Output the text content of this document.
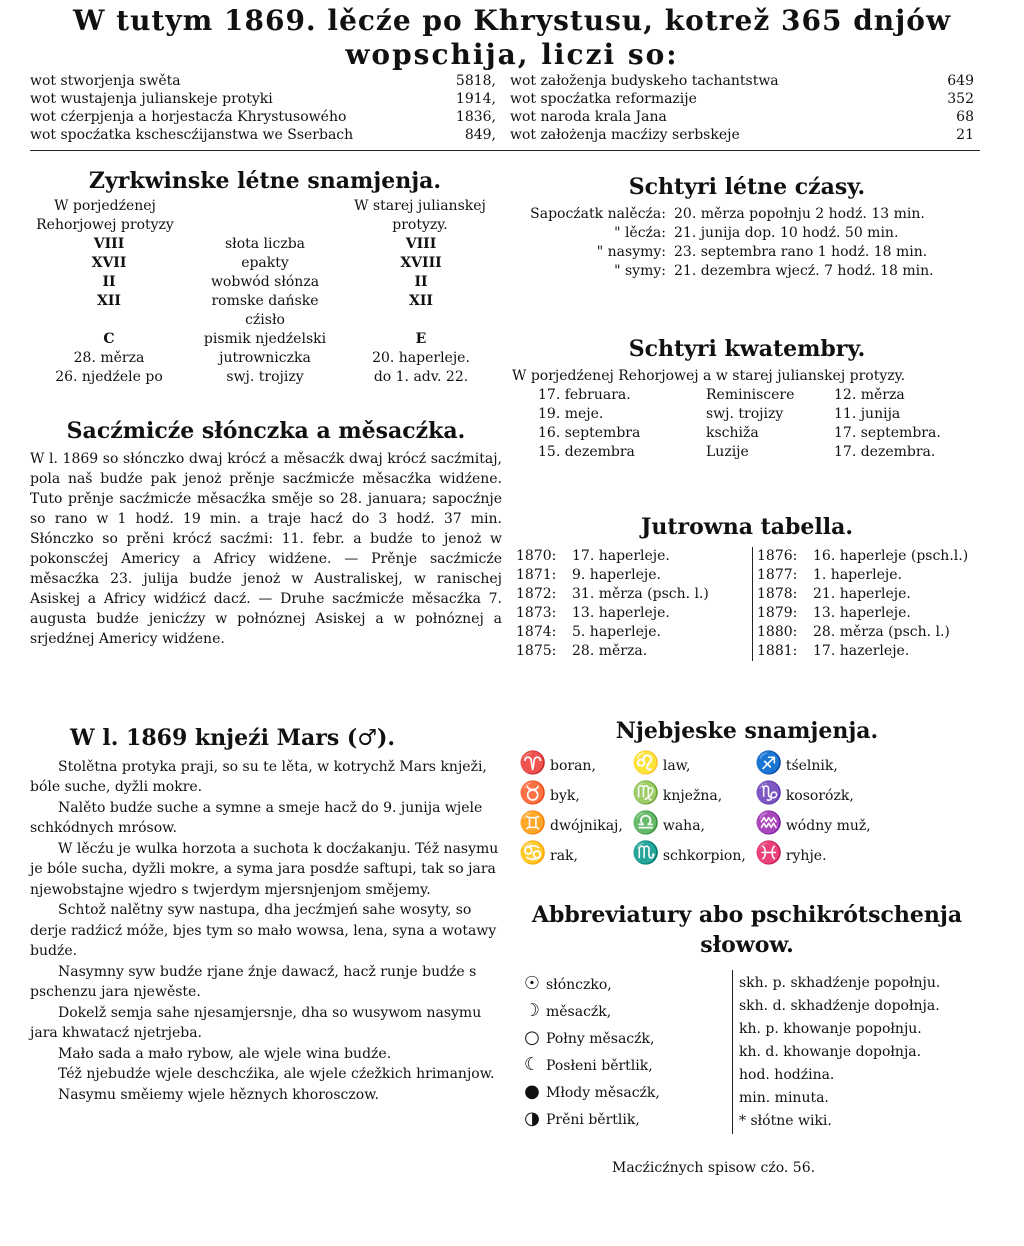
W tutym 1869. lěcźe po Khrystusu, kotrež 365 dnjów
wopschija, liczi so:
wot stworjenja swěta	5818,
wot wustajenja julianskeje protyki	1914,
wot cźerpjenja a horjestacźa Khrystusowého	1836,
wot spocźatka kschescźijanstwa we Sserbach	849,
wot załoženja budyskeho tachantstwa	649
wot spocźatka reformazije	352
wot naroda krala Jana	68
wot założenja macźizy serbskeje	21
Zyrkwinske létne snamjenja.
W porjedźenej Rehorjowej protyzy
W starej julianskej protyzy.
VIII	słota liczba	VIII
XVII	epakty	XVIII
II	wobwód słónza	II
XII	romske dańske cźisło	XII
C	pismik njedźelski	E
28. měrza	jutrowniczka	20. haperleje.
26. njedźele po	swj. trojizy	do 1. adv. 22.
Sacźmicźe słónczka a měsacźka.
W l. 1869 so słónczko dwaj krócź a měsacźk dwaj krócź sacźmitaj, pola naš budźe pak jenoż prěnje sacźmicźe měsacźka widźene. Tuto prěnje sacźmicźe měsacźka směje so 28. januara; sapocźnje so rano w 1 hodź. 19 min. a traje hacź do 3 hodź. 37 min. Słónczko so prěni krócź sacźmi: 11. febr. a budźe to jenoż w pokonscźej Americy a Africy widźene. — Prěnje sacźmicźe měsacźka 23. julija budźe jenoż w Australiskej, w ranischej Asiskej a Africy widźicź dacź. — Druhe sacźmicźe měsacźka 7. augusta budźe jenicźzy w połnóznej Asiskej a w połnóznej a srjedźnej Americy widźene.
W l. 1869 knjeźi Mars (♂).

Stolětna protyka praji, so su te lěta, w kotrychž Mars knježi, bóle suche, dyžli mokre.

Nalěto budźe suche a symne a smeje hacž do 9. junija wjele schkódnych mrósow.

W lěcźu je wulka horzota a suchota k docźakanju. Též nasymu je bóle sucha, dyžli mokre, a syma jara posdźe saftupi, tak so jara njewobstajne wjedro s twjerdym mjersnjenjom smějemy.

Schtož nalětny syw nastupa, dha jecźmjeń sahe wosyty, so derje radźicź móže, bjes tym so mało wowsa, lena, syna a wotawy budźe.

Nasymny syw budźe rjane źnje dawacź, hacž runje budźe s pschenzu jara njewěste.

Dokelž semja sahe njesamjersnje, dha so wusywom nasymu jara khwatacź njetrjeba.

Mało sada a mało rybow, ale wjele wina budźe.

Též njebudźe wjele deschcźika, ale wjele cźežkich hrimanjow.

Nasymu směiemy wjele hěznych khorosczow.

Schtyri létne cźasy.
Sapocźatk nalěcźa:	20. měrza popołnju 2 hodź. 13 min.
" lěcźa:	21. junija dop. 10 hodź. 50 min.
" nasymy:	23. septembra rano 1 hodź. 18 min.
" symy:	21. dezembra wjecź. 7 hodź. 18 min.
Schtyri kwatembry.
W porjedźenej Rehorjowej a w starej julianskej protyzy.
17. februara.	Reminiscere	12. měrza
19. meje.	swj. trojizy	11. junija
16. septembra	kschiža	17. septembra.
15. dezembra	Luzije	17. dezembra.
Jutrowna tabella.
1870:	17. haperleje.
1871:	9. haperleje.
1872:	31. měrza (psch. l.)
1873:	13. haperleje.
1874:	5. haperleje.
1875:	28. měrza.
1876:	16. haperleje (psch.l.)
1877:	1. haperleje.
1878:	21. haperleje.
1879:	13. haperleje.
1880:	28. měrza (psch. l.)
1881:	17. hazerleje.
Njebjeske snamjenja.
♈ boran,	♌ law,	♐ tśelnik,
♉ byk,	♍ knježna,	♑ kosorózk,
♊ dwójnikaj,	♎ waha,	♒ wódny muž,
♋ rak,	♏ schkorpion,	♓ ryhje.
Abbreviatury abo pschikrótschenja słowow.
☉ słónczko,
☽ měsacźk,
○ Połny měsacźk,
☾ Posłeni běrtlik,
● Młody měsacźk,
◑ Prěni běrtlik,
skh. p. skhadźenje popołnju.
skh. d. skhadźenje dopołnja.
kh. p. khowanje popołnju.
kh. d. khowanje dopołnja.
hod. hodźina.
min. minuta.
* słótne wiki.
Macźicźnych spisow cźo. 56.
